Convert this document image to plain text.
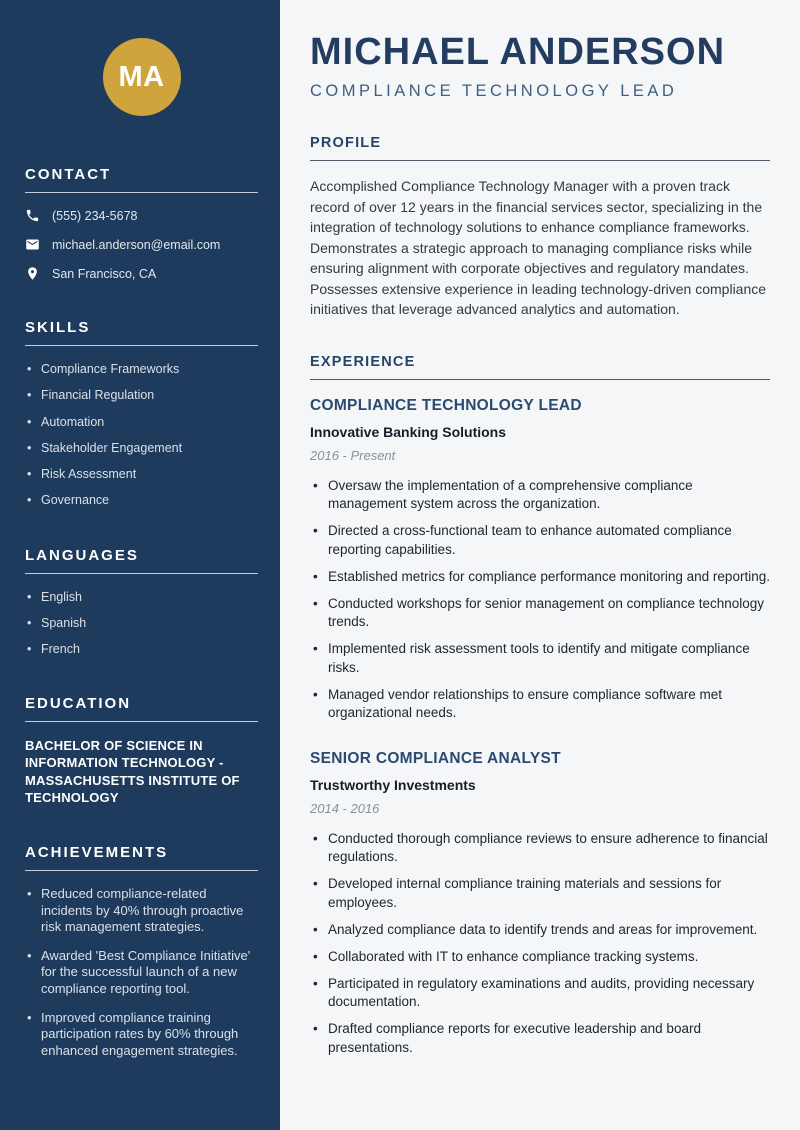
MA
CONTACT
(555) 234-5678
michael.anderson@email.com
San Francisco, CA
SKILLS
• Compliance Frameworks
• Financial Regulation
• Automation
• Stakeholder Engagement
• Risk Assessment
• Governance
LANGUAGES
• English
• Spanish
• French
EDUCATION

BACHELOR OF SCIENCE IN INFORMATION TECHNOLOGY - MASSACHUSETTS INSTITUTE OF TECHNOLOGY

ACHIEVEMENTS
• Reduced compliance-related incidents by 40% through proactive risk management strategies.
• Awarded 'Best Compliance Initiative' for the successful launch of a new compliance reporting tool.
• Improved compliance training participation rates by 60% through enhanced engagement strategies.
MICHAEL ANDERSON
COMPLIANCE TECHNOLOGY LEAD
PROFILE

Accomplished Compliance Technology Manager with a proven track record of over 12 years in the financial services sector, specializing in the integration of technology solutions to enhance compliance frameworks. Demonstrates a strategic approach to managing compliance risks while ensuring alignment with corporate objectives and regulatory mandates. Possesses extensive experience in leading technology-driven compliance initiatives that leverage advanced analytics and automation.

EXPERIENCE
COMPLIANCE TECHNOLOGY LEAD
Innovative Banking Solutions
2016 - Present
• Oversaw the implementation of a comprehensive compliance management system across the organization.
• Directed a cross-functional team to enhance automated compliance reporting capabilities.
• Established metrics for compliance performance monitoring and reporting.
• Conducted workshops for senior management on compliance technology trends.
• Implemented risk assessment tools to identify and mitigate compliance risks.
• Managed vendor relationships to ensure compliance software met organizational needs.
SENIOR COMPLIANCE ANALYST
Trustworthy Investments
2014 - 2016
• Conducted thorough compliance reviews to ensure adherence to financial regulations.
• Developed internal compliance training materials and sessions for employees.
• Analyzed compliance data to identify trends and areas for improvement.
• Collaborated with IT to enhance compliance tracking systems.
• Participated in regulatory examinations and audits, providing necessary documentation.
• Drafted compliance reports for executive leadership and board presentations.
